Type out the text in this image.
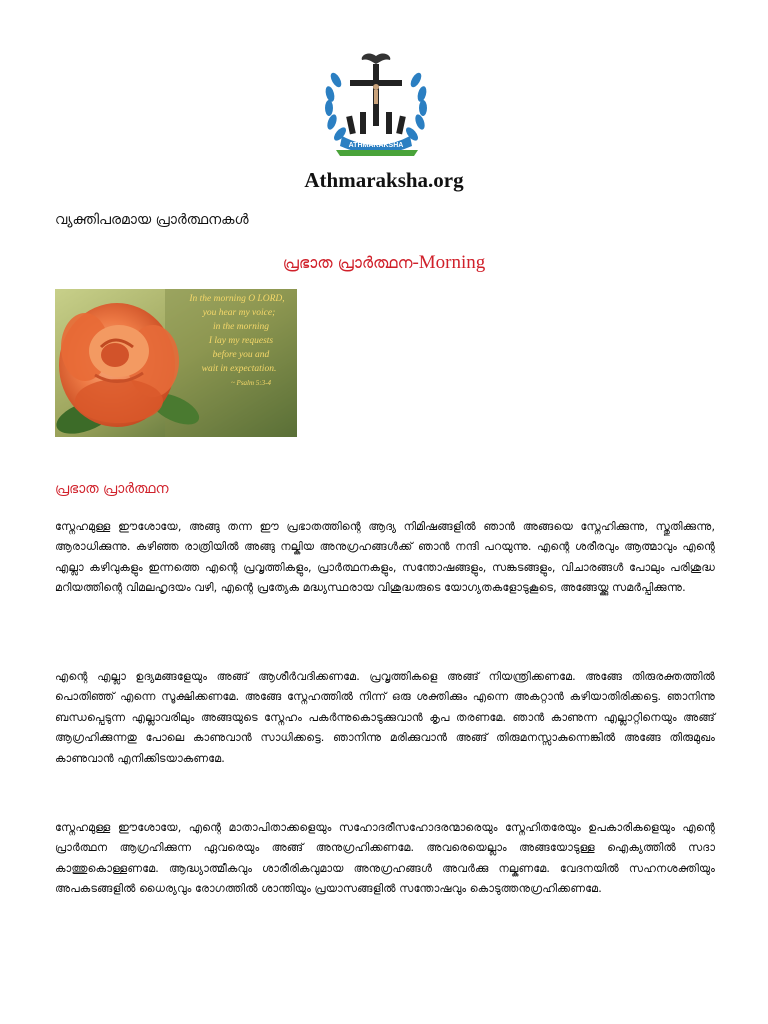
ATHMARAKSHA
Athmaraksha.org
വ്യക്തിപരമായ പ്രാർത്ഥനകൾ
പ്രഭാത പ്രാർത്ഥന-Morning
In the morning O LORD,
you hear my voice;
in the morning
I lay my requests
before you and
wait in expectation.
~ Psalm 5:3-4
പ്രഭാത പ്രാർത്ഥന

സ്നേഹമുള്ള ഈശോയേ, അങ്ങു തന്ന ഈ പ്രഭാതത്തിന്റെ ആദ്യ നിമിഷങ്ങളിൽ ഞാൻ അങ്ങയെ സ്നേഹിക്കുന്നു, സ്തുതിക്കുന്നു, ആരാധിക്കുന്നു. കഴിഞ്ഞ രാത്രിയിൽ അങ്ങു നല്കിയ അനുഗ്രഹങ്ങൾക്ക് ഞാൻ നന്ദി പറയുന്നു. എന്റെ ശരീരവും ആത്മാവും എന്റെ എല്ലാ കഴിവുകളും ഇന്നത്തെ എന്റെ പ്രവൃത്തികളും, പ്രാർത്ഥനകളും, സന്തോഷങ്ങളും, സങ്കടങ്ങളും, വിചാരങ്ങൾ പോലും പരിശുദ്ധ മറിയത്തിന്റെ വിമലഹൃദയം വഴി, എന്റെ പ്രത്യേക മദ്ധ്യസ്ഥരായ വിശുദ്ധരുടെ യോഗ്യതകളോടുകൂടെ, അങ്ങേയ്ക്കു സമർപ്പിക്കുന്നു.

എന്റെ എല്ലാ ഉദ്യമങ്ങളേയും അങ്ങ് ആശീർവദിക്കണമേ. പ്രവൃത്തികളെ അങ്ങ് നിയന്ത്രിക്കണമേ. അങ്ങേ തിരുരക്തത്തിൽ പൊതിഞ്ഞ് എന്നെ സൂക്ഷിക്കണമേ. അങ്ങേ സ്നേഹത്തിൽ നിന്ന് ഒരു ശക്തിക്കും എന്നെ അകറ്റാൻ കഴിയാതിരിക്കട്ടെ. ഞാനിന്നു ബന്ധപ്പെടുന്ന എല്ലാവരിലും അങ്ങയുടെ സ്നേഹം പകർന്നുകൊടുക്കുവാൻ കൃപ തരണമേ. ഞാൻ കാണുന്ന എല്ലാറ്റിനെയും അങ്ങ് ആഗ്രഹിക്കുന്നതു പോലെ കാണുവാൻ സാധിക്കട്ടെ. ഞാനിന്നു മരിക്കുവാൻ അങ്ങ് തിരുമനസ്സാകുന്നെങ്കിൽ അങ്ങേ തിരുമുഖം കാണുവാൻ എനിക്കിടയാകണമേ.

സ്നേഹമുള്ള ഈശോയേ, എന്റെ മാതാപിതാക്കളെയും സഹോദരീസഹോദരന്മാരെയും സ്നേഹിതരേയും ഉപകാരികളെയും എന്റെ പ്രാർത്ഥന ആഗ്രഹിക്കുന്ന ഏവരെയും അങ്ങ് അനുഗ്രഹിക്കണമേ. അവരെയെല്ലാം അങ്ങയോടുള്ള ഐക്യത്തിൽ സദാ കാത്തുകൊള്ളണമേ. ആദ്ധ്യാത്മീകവും ശാരീരികവുമായ അനുഗ്രഹങ്ങൾ അവർക്കു നല്കണമേ. വേദനയിൽ സഹനശക്തിയും അപകടങ്ങളിൽ ധൈര്യവും രോഗത്തിൽ ശാന്തിയും പ്രയാസങ്ങളിൽ സന്തോഷവും കൊടുത്തനുഗ്രഹിക്കണമേ.
